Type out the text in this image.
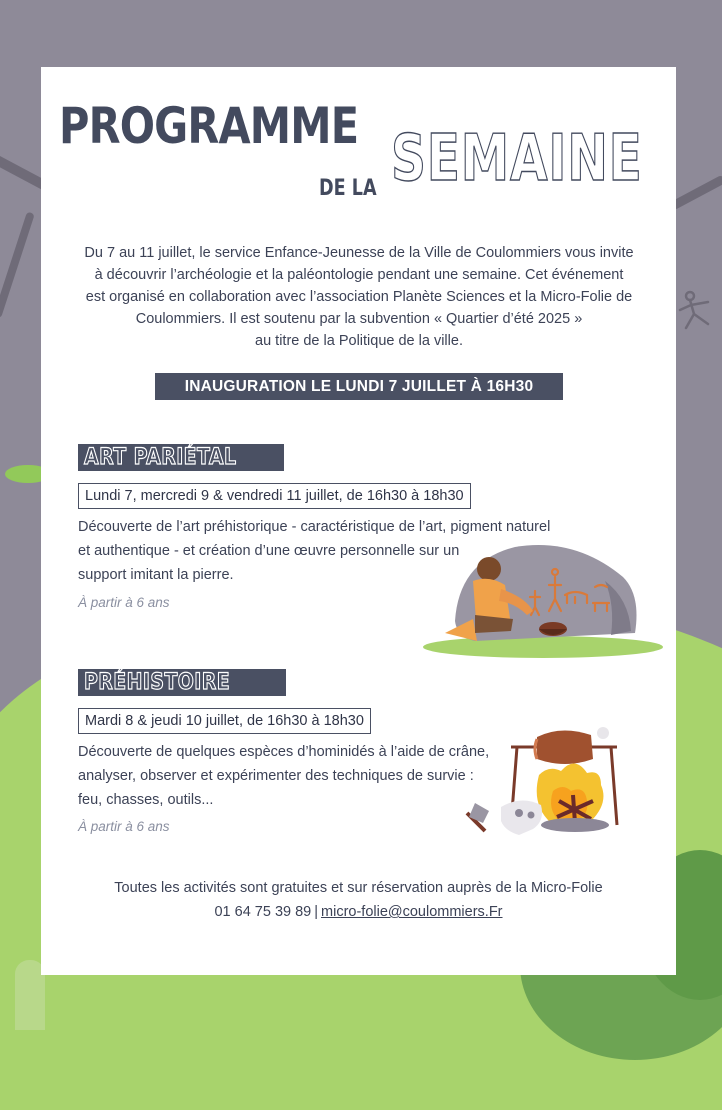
PROGRAMME
DE LA SEMAINE
Du 7 au 11 juillet, le service Enfance-Jeunesse de la Ville de Coulommiers vous invite
à découvrir l’archéologie et la paléontologie pendant une semaine. Cet événement
est organisé en collaboration avec l’association Planète Sciences et la Micro-Folie de
Coulommiers. Il est soutenu par la subvention « Quartier d’été 2025 »
au titre de la Politique de la ville.
INAUGURATION LE LUNDI 7 JUILLET À 16H30
ART PARIÉTAL
Lundi 7, mercredi 9 & vendredi 11 juillet, de 16h30 à 18h30
Découverte de l’art préhistorique - caractéristique de l’art, pigment naturel
et authentique - et création d’une œuvre personnelle sur un
support imitant la pierre.
À partir à 6 ans
PRÉHISTOIRE
Mardi 8 & jeudi 10 juillet, de 16h30 à 18h30
Découverte de quelques espèces d’hominidés à l’aide de crâne,
analyser, observer et expérimenter des techniques de survie :
feu, chasses, outils...
À partir à 6 ans
Toutes les activités sont gratuites et sur réservation auprès de la Micro-Folie
01 64 75 39 89 | micro-folie@coulommiers.Fr
